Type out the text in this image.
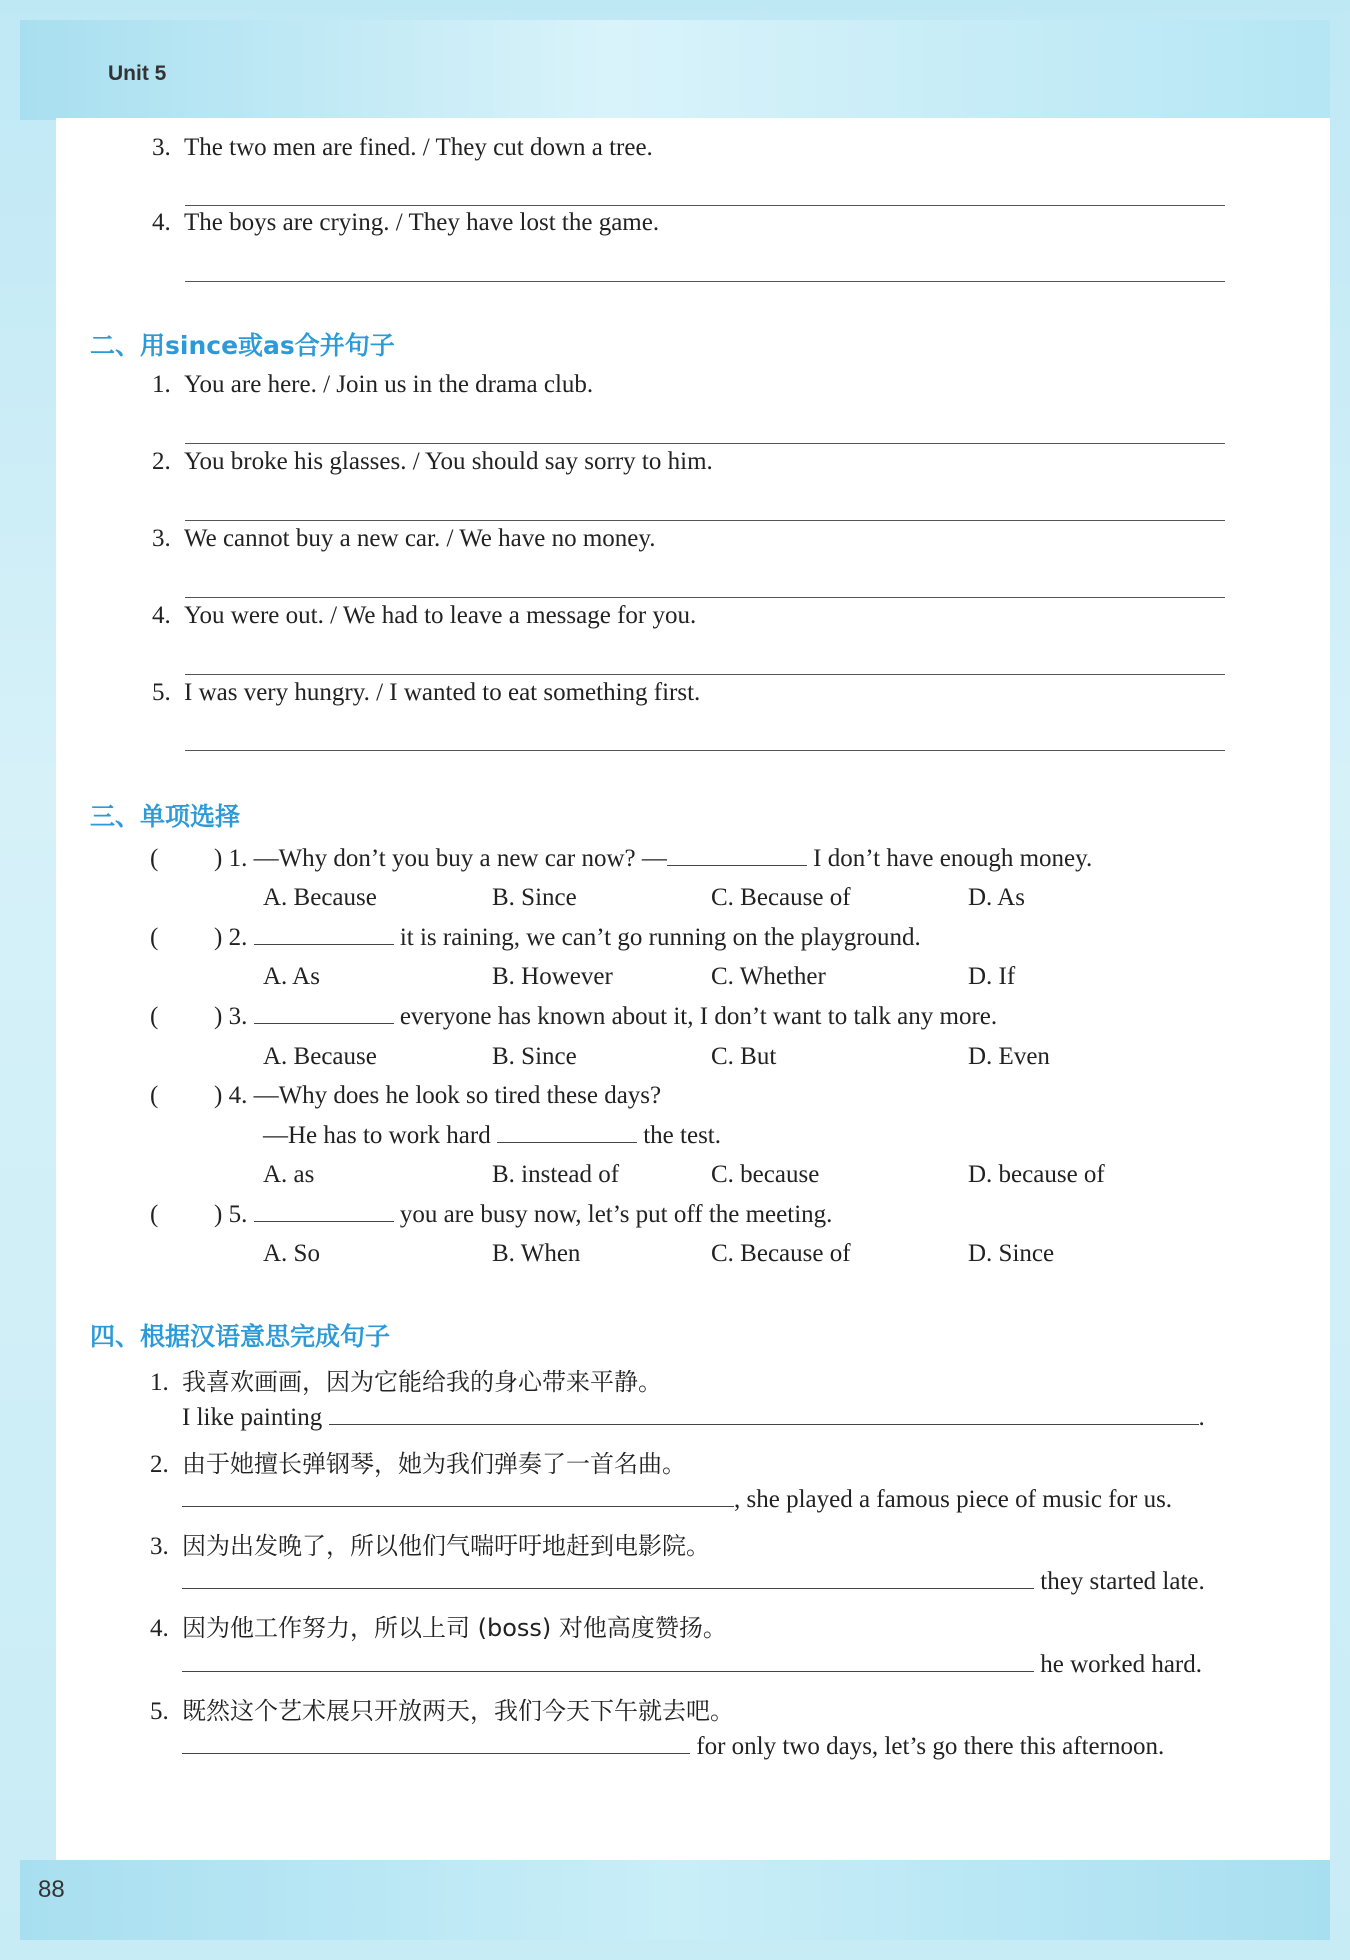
Unit 5
88
3. The two men are fined. / They cut down a tree.
4. The boys are crying. / They have lost the game.
二、用since或as合并句子
1. You are here. / Join us in the drama club.
2. You broke his glasses. / You should say sorry to him.
3. We cannot buy a new car. / We have no money.
4. You were out. / We had to leave a message for you.
5. I was very hungry. / I wanted to eat something first.
三、单项选择
( ) 1. —Why don’t you buy a new car now? —	I don’t have enough money.
A. Because	B. Since	C. Because of	D. As
( ) 2.	it is raining, we can’t go running on the playground.
A. As	B. However	C. Whether	D. If
( ) 3.	everyone has known about it, I don’t want to talk any more.
A. Because	B. Since	C. But	D. Even
( ) 4. —Why does he look so tired these days?
—He has to work hard	the test.
A. as	B. instead of	C. because	D. because of
( ) 5.	you are busy now, let’s put off the meeting.
A. So	B. When	C. Because of	D. Since
四、根据汉语意思完成句子
1. 我喜欢画画，因为它能给我的身心带来平静。
I like painting	.
2. 由于她擅长弹钢琴，她为我们弹奏了一首名曲。
, she played a famous piece of music for us.
3. 因为出发晚了，所以他们气喘吁吁地赶到电影院。
they started late.
4. 因为他工作努力，所以上司 (boss) 对他高度赞扬。
he worked hard.
5. 既然这个艺术展只开放两天，我们今天下午就去吧。
for only two days, let’s go there this afternoon.
